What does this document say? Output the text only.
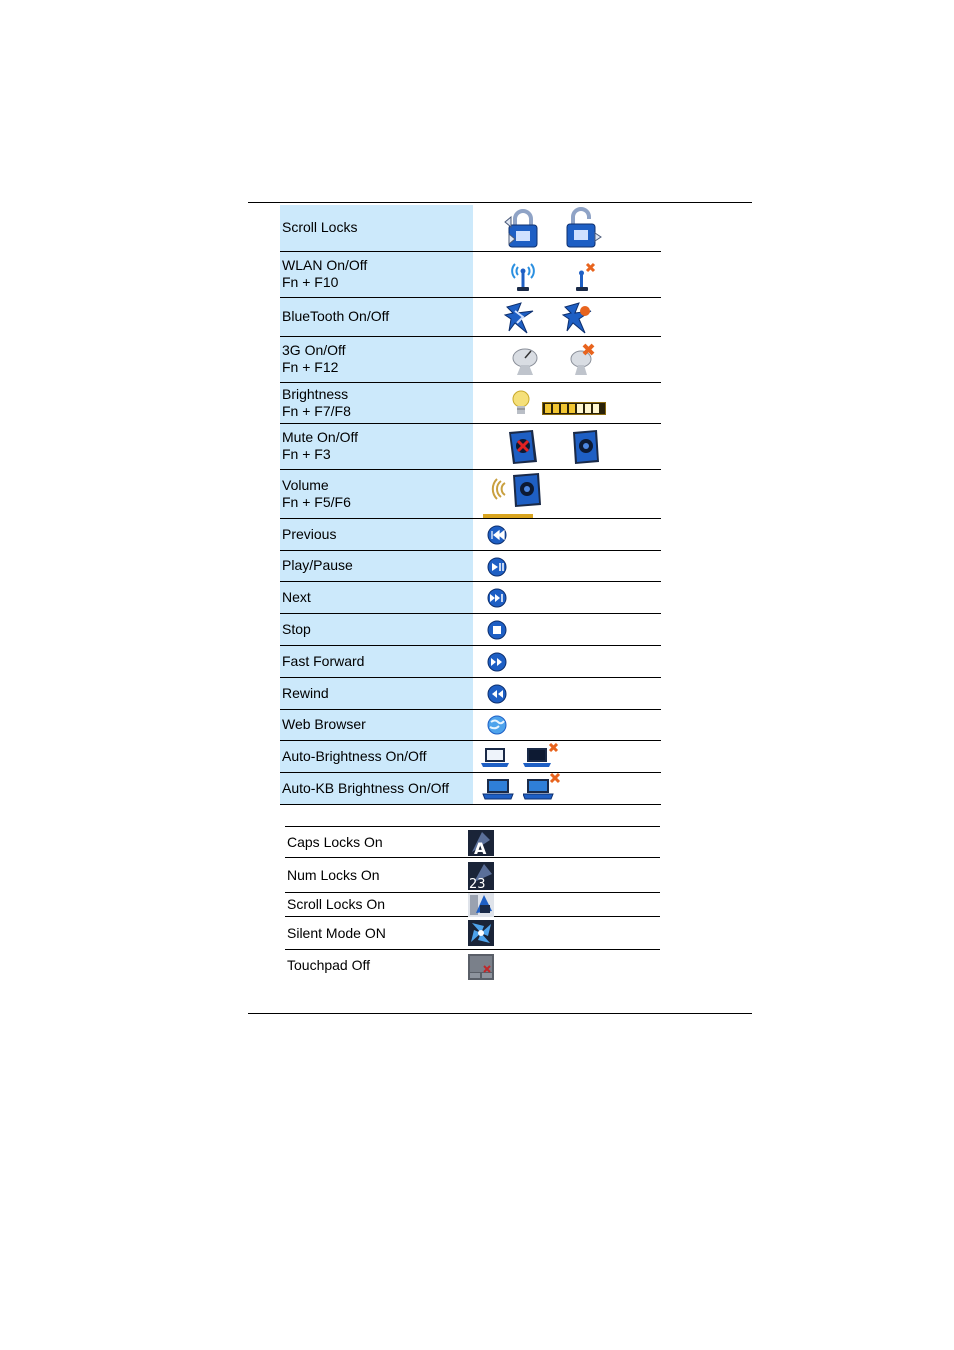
Scroll Locks

WLAN On/Off
Fn + F10

BlueTooth On/Off

3G On/Off
Fn + F12

Brightness
Fn + F7/F8

Mute On/Off
Fn + F3

Volume
Fn + F5/F6

Previous

Play/Pause

Next

Stop

Fast Forward

Rewind

Web Browser

Auto-Brightness On/Off

Auto-KB Brightness On/Off

Caps Locks On	A

Num Locks On	23

Scroll Locks On	

Silent Mode ON	

Touchpad Off	
